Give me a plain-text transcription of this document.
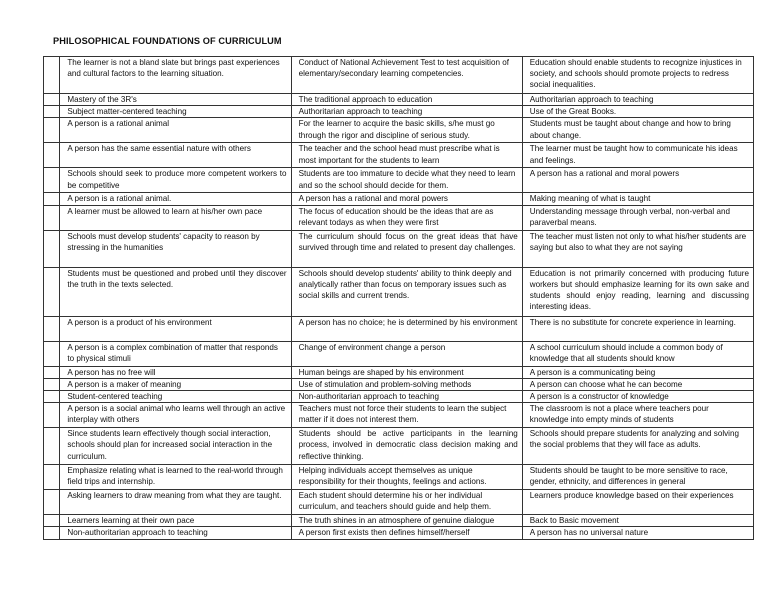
PHILOSOPHICAL FOUNDATIONS OF CURRICULUM
	The learner is not a bland slate but brings past experiences and cultural factors to the learning situation.	Conduct of National Achievement Test to test acquisition of elementary/secondary learning competencies.	Education should enable students to recognize injustices in society, and schools should promote projects to redress social inequalities.
	Mastery of the 3R's	The traditional approach to education	Authoritarian approach to teaching
	Subject matter-centered teaching	Authoritarian approach to teaching	Use of the Great Books.
	A person is a rational animal	For the learner to acquire the basic skills, s/he must go through the rigor and discipline of serious study.	Students must be taught about change and how to bring about change.
	A person has the same essential nature with others	The teacher and the school head must prescribe what is most important for the students to learn	The learner must be taught how to communicate his ideas and feelings.
	Schools should seek to produce more competent workers to be competitive	Students are too immature to decide what they need to learn and so the school should decide for them.	A person has a rational and moral powers
	A person is a rational animal.	A person has a rational and moral powers	Making meaning of what is taught
	A learner must be allowed to learn at his/her own pace	The focus of education should be the ideas that are as relevant todays as when they were first	Understanding message through verbal, non-verbal and paraverbal means.
	Schools must develop students' capacity to reason by stressing in the humanities	The curriculum should focus on the great ideas that have survived through time and related to present day challenges.	The teacher must listen not only to what his/her students are saying but also to what they are not saying
	Students must be questioned and probed until they discover the truth in the texts selected.	Schools should develop students' ability to think deeply and analytically rather than focus on temporary issues such as social skills and current trends.	Education is not primarily concerned with producing future workers but should emphasize learning for its own sake and students should enjoy reading, learning and discussing interesting ideas.
	A person is a product of his environment	A person has no choice; he is determined by his environment	There is no substitute for concrete experience in learning.
	A person is a complex combination of matter that responds to physical stimuli	Change of environment change a person	A school curriculum should include a common body of knowledge that all students should know
	A person has no free will	Human beings are shaped by his environment	A person is a communicating being
	A person is a maker of meaning	Use of stimulation and problem-solving methods	A person can choose what he can become
	Student-centered teaching	Non-authoritarian approach to teaching	A person is a constructor of knowledge
	A person is a social animal who learns well through an active interplay with others	Teachers must not force their students to learn the subject matter if it does not interest them.	The classroom is not a place where teachers pour knowledge into empty minds of students
	Since students learn effectively though social interaction, schools should plan for increased social interaction in the curriculum.	Students should be active participants in the learning process, involved in democratic class decision making and reflective thinking.	Schools should prepare students for analyzing and solving the social problems that they will face as adults.
	Emphasize relating what is learned to the real-world through field trips and internship.	Helping individuals accept themselves as unique responsibility for their thoughts, feelings and actions.	Students should be taught to be more sensitive to race, gender, ethnicity, and differences in general
	Asking learners to draw meaning from what they are taught.	Each student should determine his or her individual curriculum, and teachers should guide and help them.	Learners produce knowledge based on their experiences
	Learners learning at their own pace	The truth shines in an atmosphere of genuine dialogue	Back to Basic movement
	Non-authoritarian approach to teaching	A person first exists then defines himself/herself	A person has no universal nature
